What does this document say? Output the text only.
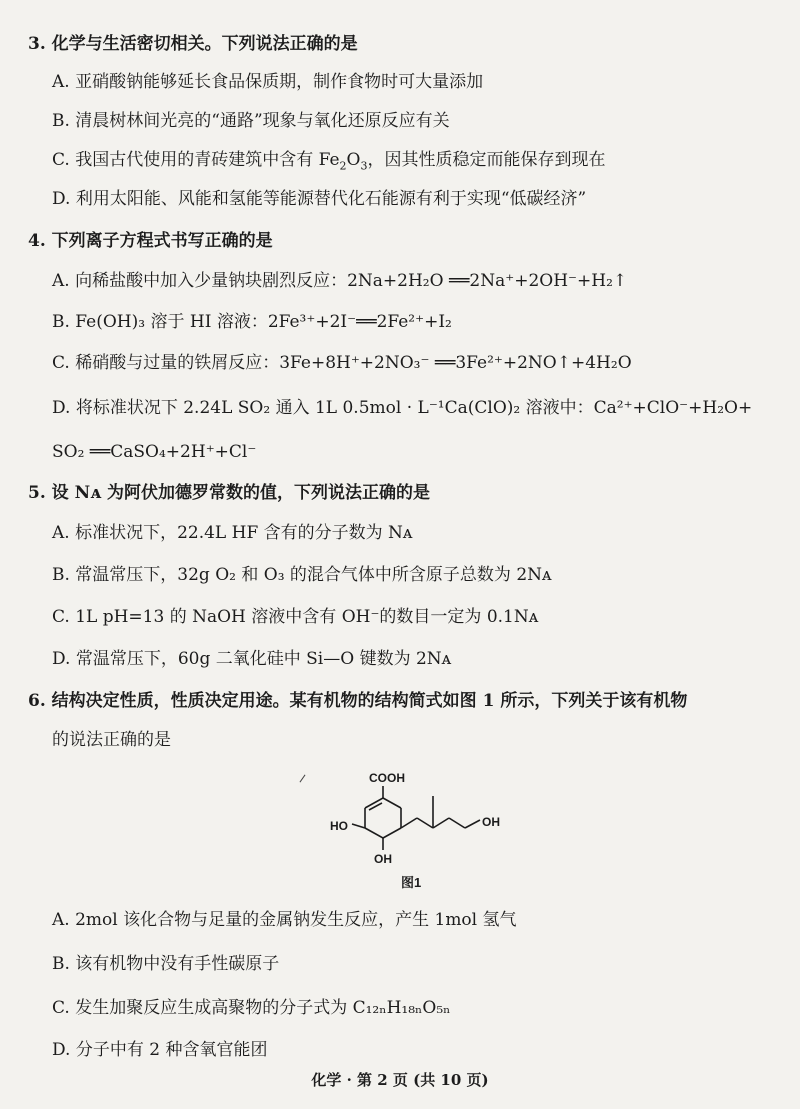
3. 化学与生活密切相关。下列说法正确的是
A. 亚硝酸钠能够延长食品保质期，制作食物时可大量添加
B. 清晨树林间光亮的“通路”现象与氧化还原反应有关
C. 我国古代使用的青砖建筑中含有 $Fe_2O_3$，因其性质稳定而能保存到现在
D. 利用太阳能、风能和氢能等能源替代化石能源有利于实现“低碳经济”
4. 下列离子方程式书写正确的是
A. 向稀盐酸中加入少量钠块剧烈反应：2Na+2H₂O ══2Na⁺+2OH⁻+H₂↑
B. Fe(OH)₃ 溶于 HI 溶液：2Fe³⁺+2I⁻══2Fe²⁺+I₂
C. 稀硝酸与过量的铁屑反应：3Fe+8H⁺+2NO₃⁻ ══3Fe²⁺+2NO↑+4H₂O
D. 将标准状况下 2.24L SO₂ 通入 1L 0.5mol · L⁻¹Ca(ClO)₂ 溶液中：Ca²⁺+ClO⁻+H₂O+
SO₂ ══CaSO₄+2H⁺+Cl⁻
5. 设 Nᴀ 为阿伏加德罗常数的值，下列说法正确的是
A. 标准状况下，22.4L HF 含有的分子数为 Nᴀ
B. 常温常压下，32g O₂ 和 O₃ 的混合气体中所含原子总数为 2Nᴀ
C. 1L pH=13 的 NaOH 溶液中含有 OH⁻的数目一定为 0.1Nᴀ
D. 常温常压下，60g 二氧化硅中 Si—O 键数为 2Nᴀ
6. 结构决定性质，性质决定用途。某有机物的结构简式如图 1 所示，下列关于该有机物
的说法正确的是
COOH
HO
OH
OH
图1
A. 2mol 该化合物与足量的金属钠发生反应，产生 1mol 氢气
B. 该有机物中没有手性碳原子
C. 发生加聚反应生成高聚物的分子式为 C₁₂ₙH₁₈ₙO₅ₙ
D. 分子中有 2 种含氧官能团
化学 · 第 2 页 (共 10 页)
